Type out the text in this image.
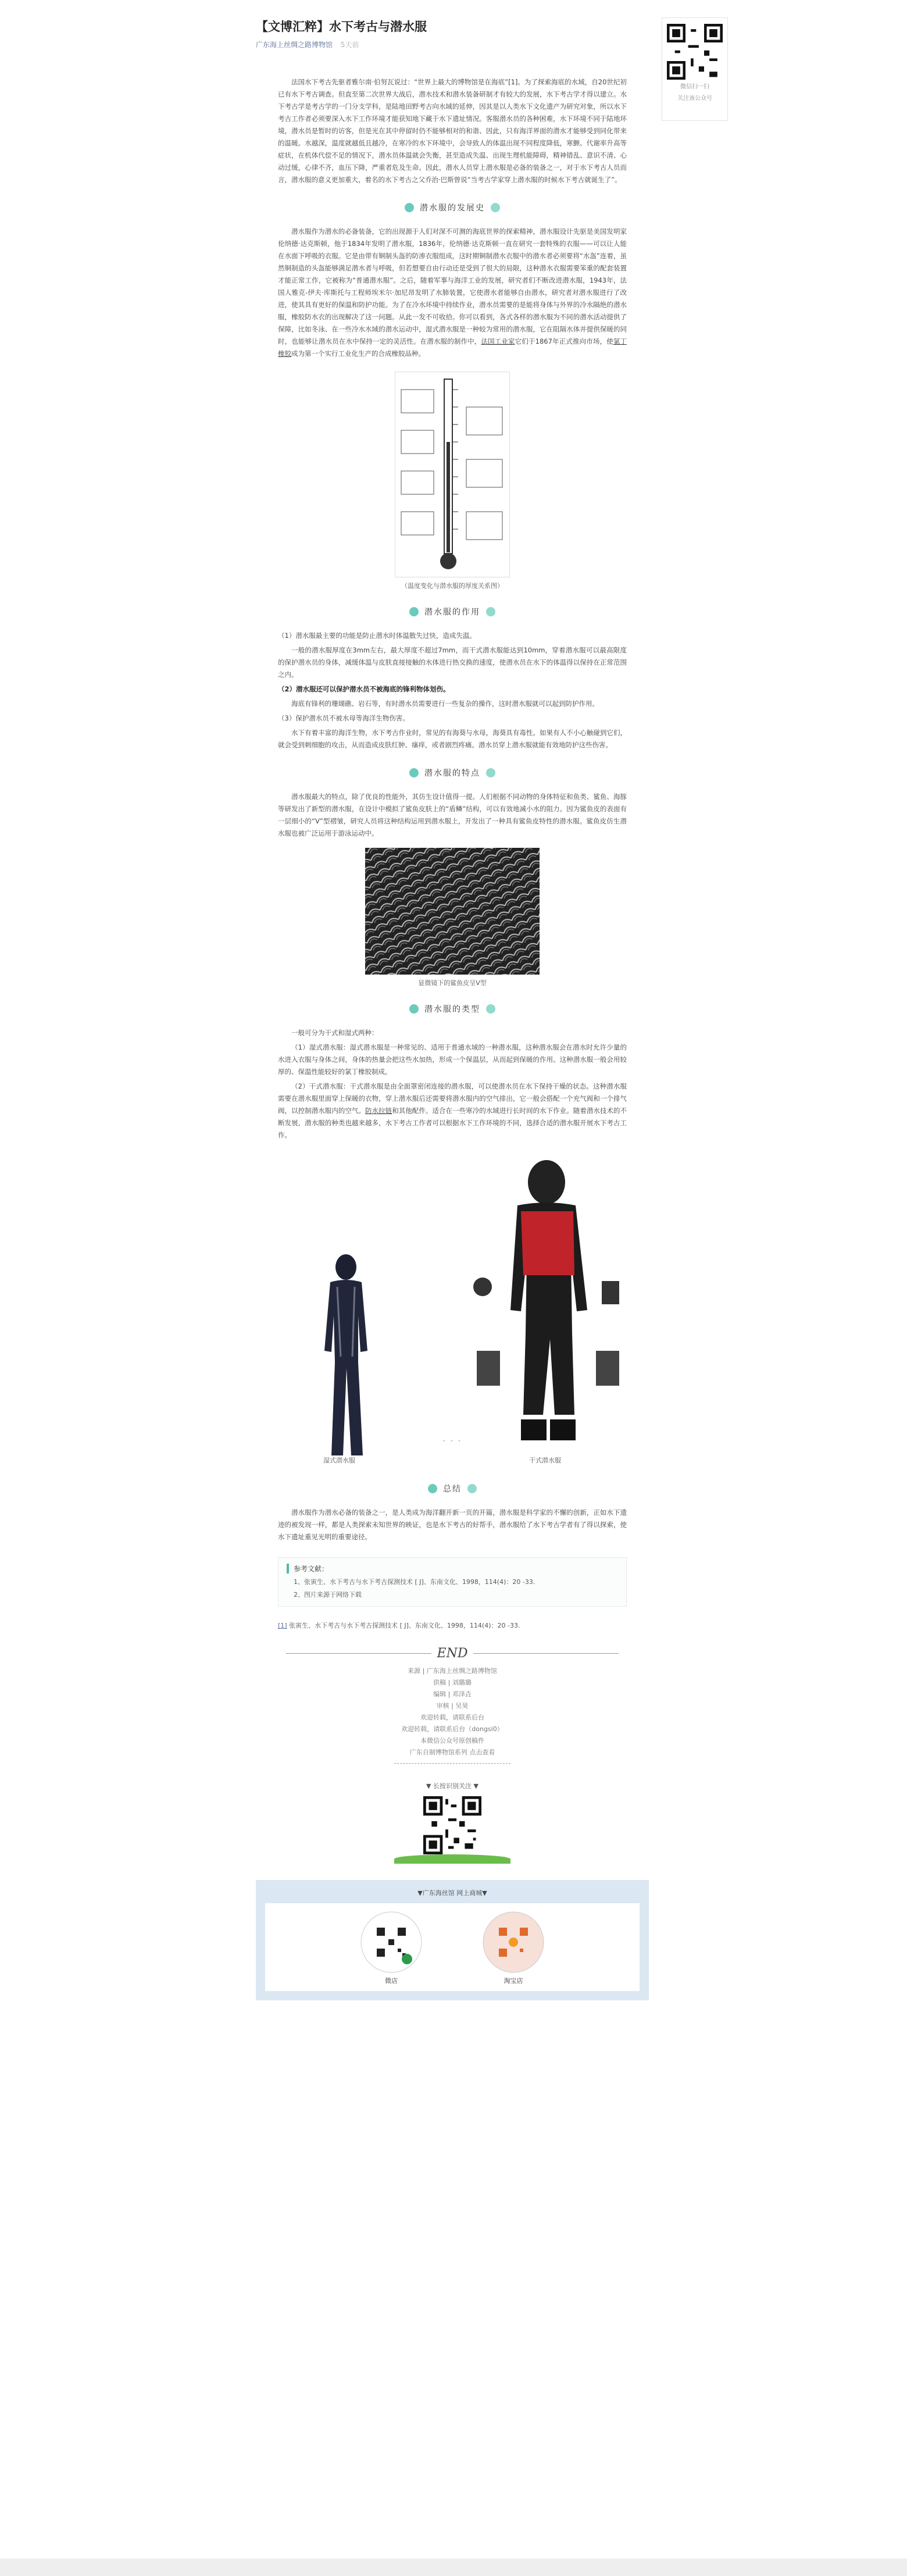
【文博汇粹】水下考古与潜水服
广东海上丝绸之路博物馆 5天前

法国水下考古先驱者雅尔南·伯努瓦说过：“世界上最大的博物馆是在海底”[1]。为了探索海底的水域，自20世纪初已有水下考古调查。但直至第二次世界大战后，潜水技术和潜水装备研制才有较大的发展，水下考古学才得以建立。水下考古学是考古学的一门分支学科，是陆地田野考古向水域的延伸，因其是以人类水下文化遗产为研究对象，所以水下考古工作者必须要深入水下工作环境才能获知地下藏于水下遗址情况。客服潜水员的各种困难，水下环境不同于陆地环境，潜水员是暂时的访客，但是光在其中停留时仍不能够相对的和谐、因此，只有海洋界面的潜水才能够受到同化带来的温暖。水越深，温度就越低且越冷，在寒冷的水下环境中，会导致人的体温出现不同程度降低，寒颤、代谢率升高等症状，在机体代偿不足的情况下，潜水员体温就会失衡，甚至造成失温、出现生理机能障碍，精神错乱、意识不清、心动过缓，心律不齐，血压下降，严重者危及生命。因此，潜水人员穿上潜水服是必备的装备之一，对于水下考古人员而言，潜水服的意义更加重大，着名的水下考古之父乔治·巴斯曾说“当考古学家穿上潜水服的时候水下考古就诞生了”。

潜水服的发展史

潜水服作为潜水的必备装备，它的出现源于人们对深不可测的海底世界的探索精神，潜水服设计先驱是美国发明家伦纳德·达克斯顿，他于1834年发明了潜水服，1836年，伦纳德·达克斯顿一直在研究一套特殊的衣服——可以让人能在水面下呼吸的衣服。它是由带有铜制头盔的防渗衣服组成，这时期铜制潜水衣服中的潜水者必须要将“水盔”连着，虽然铜制造的头盔能够满足潜水者与呼吸，但若想要自由行动还是受到了很大的局限，这种潜水衣服需要笨重的配套装置才能正常工作，它被称为“普通潜水服”。之后，随着军事与海洋工业的发展，研究者们不断改进潜水服，1943年，法国人雅克-伊夫·库斯托与工程师埃米尔·加尼昂发明了水肺装置，它使潜水者能够自由潜水，研究者对潜水服进行了改进，使其具有更好的保温和防护功能。为了在冷水环境中持续作业，潜水员需要的是能将身体与外界的冷水隔绝的潜水服，橡胶防水衣的出现解决了这一问题。从此一发不可收拾。你可以看到，各式各样的潜水服为不同的潜水活动提供了保障，比如冬泳、在一些冷水水域的潜水运动中，湿式潜水服是一种较为常用的潜水服，它在阻隔水体并提供保暖的同时，也能够让潜水员在水中保持一定的灵活性。在潜水服的制作中，法国工业家它们于1867年正式推向市场，使氯丁橡胶成为第一个实行工业化生产的合成橡胶品种。

（温度变化与潜水服的厚度关系图）
潜水服的作用

（1）潜水服最主要的功能是防止潜水时体温散失过快，造成失温。

一般的潜水服厚度在3mm左右，最大厚度不超过7mm，而干式潜水服能达到10mm，穿着潜水服可以最高限度的保护潜水员的身体，减缓体温与皮肤直接接触的水体进行热交换的速度，使潜水员在水下的体温得以保持在正常范围之内。

（2）潜水服还可以保护潜水员不被海底的锋利物体划伤。

海底有锋利的珊瑚礁、岩石等，有时潜水员需要进行一些复杂的操作，这时潜水服就可以起到防护作用。

（3）保护潜水员不被水母等海洋生物伤害。

水下有着丰富的海洋生物，水下考古作业时，常见的有海葵与水母，海葵具有毒性。如果有人不小心触碰到它们，就会受到刺细胞的攻击，从而造成皮肤红肿、瘙痒，或者剧烈疼痛。潜水员穿上潜水服就能有效地防护这些伤害。

潜水服的特点

潜水服最大的特点，除了优良的性能外，其仿生设计值得一提。人们根据不同动物的身体特征和鱼类、鲨鱼、海豚等研发出了新型的潜水服，在设计中模拟了鲨鱼皮肤上的“盾鳞”结构，可以有效地减小水的阻力。因为鲨鱼皮的表面有一层细小的“V”型褶皱，研究人员将这种结构运用到潜水服上，开发出了一种具有鲨鱼皮特性的潜水服。鲨鱼皮仿生潜水服也被广泛运用于游泳运动中。

显微镜下的鲨鱼皮呈V型
潜水服的类型

一般可分为干式和湿式两种：

（1）湿式潜水服：湿式潜水服是一种常见的、适用于普通水域的一种潜水服，这种潜水服会在潜水时允许少量的水进入衣服与身体之间，身体的热量会把这些水加热，形成一个保温层，从而起到保暖的作用。这种潜水服一般会用较厚的、保温性能较好的氯丁橡胶制成。

（2）干式潜水服：干式潜水服是由全面罩密闭连接的潜水服，可以使潜水员在水下保持干燥的状态。这种潜水服需要在潜水服里面穿上保暖的衣物，穿上潜水服后还需要将潜水服内的空气排出，它一般会搭配一个充气阀和一个排气阀，以控制潜水服内的空气。防水拉链和其他配件。适合在一些寒冷的水域进行长时间的水下作业。随着潜水技术的不断发展，潜水服的种类也越来越多，水下考古工作者可以根据水下工作环境的不同，选择合适的潜水服开展水下考古工作。

湿式潜水服	干式潜水服
• • •
总结

潜水服作为潜水必备的装备之一，是人类成为海洋翻开新一页的开篇，潜水服是科学家的不懈的创新，正如水下遗迹的被发现一样，都是人类探索未知世界的映证，也是水下考古的好帮手，潜水服给了水下考古学者有了得以探索，使水下遗址重见光明的重要途径。

参考文献：
1、张寅生、水下考古与水下考古探测技术 [ J]、东南文化、1998，114(4)：20 -33.
2、图片来源于网络下载
[1] 张寅生、水下考古与水下考古探测技术 [ J]、东南文化、1998，114(4)：20 -33.
END
来源 | 广东海上丝绸之路博物馆
供稿 | 刘璐璐
编辑 | 邓泽垚
审核 | 吴昊
欢迎转载，请联系后台
欢迎转载，请联系后台（dongsi0）
本微信公众号原创稿件
广东自制博物馆系列 点击查看
▼ 长按识别关注 ▼
▼广东海丝馆 网上商城▼
微店	淘宝店
微信扫一扫
关注该公众号
